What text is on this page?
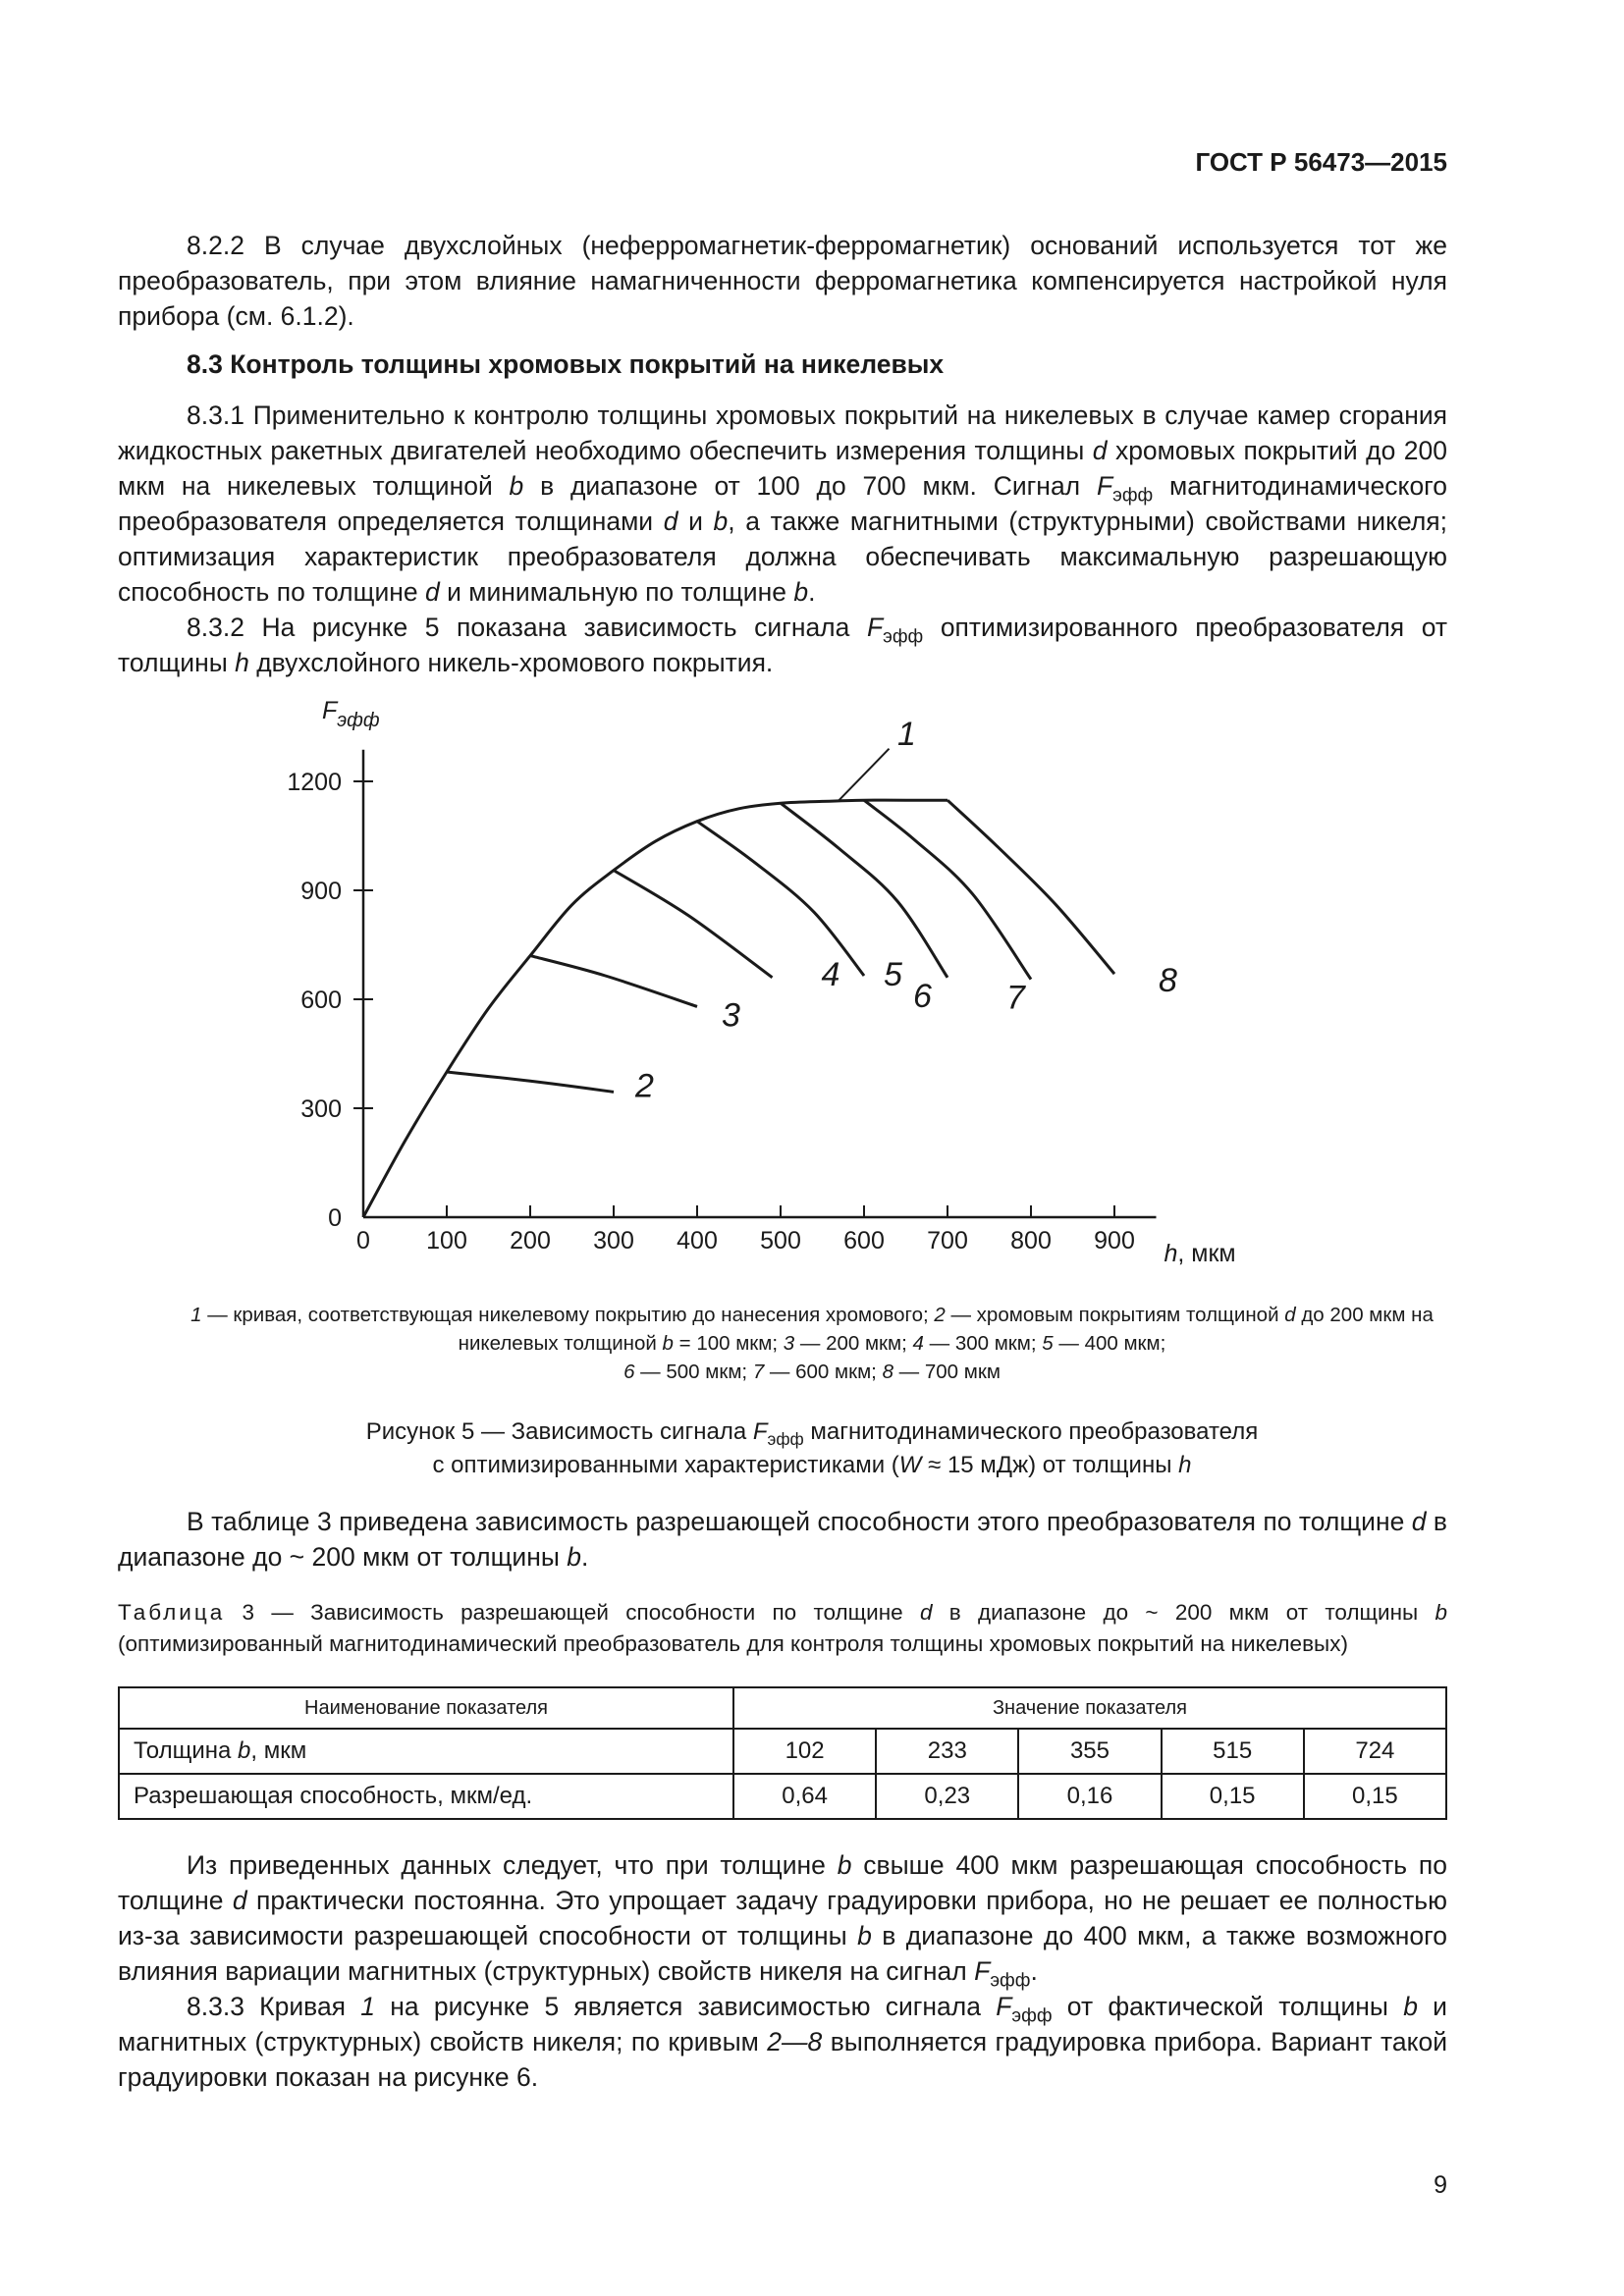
ГОСТ Р 56473—2015

8.2.2 В случае двухслойных (неферромагнетик-ферромагнетик) оснований используется тот же преобразователь, при этом влияние намагниченности ферромагнетика компенсируется настройкой нуля прибора (см. 6.1.2).

8.3 Контроль толщины хромовых покрытий на никелевых

8.3.1 Применительно к контролю толщины хромовых покрытий на никелевых в случае камер сгорания жидкостных ракетных двигателей необходимо обеспечить измерения толщины d хромовых покрытий до 200 мкм на никелевых толщиной b в диапазоне от 100 до 700 мкм. Сигнал $F_{эфф}$ магнитодинамического преобразователя определяется толщинами d и b, а также магнитными (структурными) свойствами никеля; оптимизация характеристик преобразователя должна обеспечивать максимальную разрешающую способность по толщине d и минимальную по толщине b.

8.3.2 На рисунке 5 показана зависимость сигнала $F_{эфф}$ оптимизированного преобразователя от толщины h двухслойного никель-хромового покрытия.

0 100 200 300 400 500 600 700 800 900
0
300
600
900
1200
$F_{эфф}$
h, мкм
2
3
4 5
6 7	8
1
1 — кривая, соответствующая никелевому покрытию до нанесения хромового; 2 — хромовым покрытиям толщиной d до 200 мкм на никелевых толщиной b = 100 мкм; 3 — 200 мкм; 4 — 300 мкм; 5 — 400 мкм;
6 — 500 мкм; 7 — 600 мкм; 8 — 700 мкм
Рисунок 5 — Зависимость сигнала $F_{эфф}$ магнитодинамического преобразователя
с оптимизированными характеристиками (W ≈ 15 мДж) от толщины h

В таблице 3 приведена зависимость разрешающей способности этого преобразователя по толщине d в диапазоне до ~ 200 мкм от толщины b.

Таблица 3 — Зависимость разрешающей способности по толщине d в диапазоне до ~ 200 мкм от толщины b (оптимизированный магнитодинамический преобразователь для контроля толщины хромовых покрытий на никелевых)
Наименование показателя	Значение показателя				
Толщина b, мкм	102	233	355	515	724
Разрешающая способность, мкм/ед.	0,64	0,23	0,16	0,15	0,15

Из приведенных данных следует, что при толщине b свыше 400 мкм разрешающая способность по толщине d практически постоянна. Это упрощает задачу градуировки прибора, но не решает ее полностью из-за зависимости разрешающей способности от толщины b в диапазоне до 400 мкм, а также возможного влияния вариации магнитных (структурных) свойств никеля на сигнал $F_{эфф}$.

8.3.3 Кривая 1 на рисунке 5 является зависимостью сигнала $F_{эфф}$ от фактической толщины b и магнитных (структурных) свойств никеля; по кривым 2—8 выполняется градуировка прибора. Вариант такой градуировки показан на рисунке 6.

9
